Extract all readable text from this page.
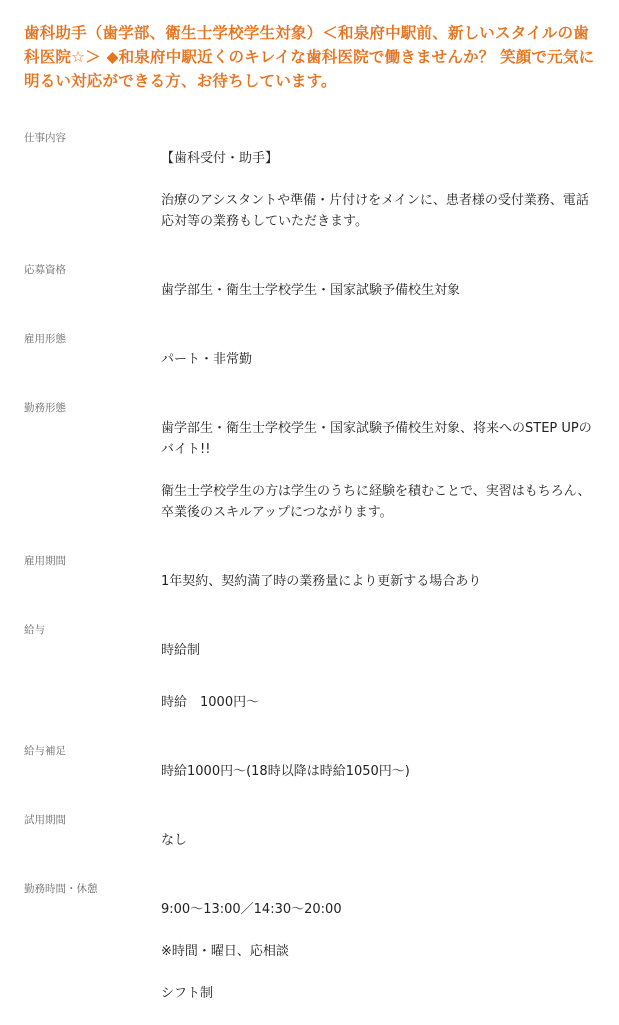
歯科助手（歯学部、衛生士学校学生対象）＜和泉府中駅前、新しいスタイルの歯科医院☆＞ ◆和泉府中駅近くのキレイな歯科医院で働きませんか？ 笑顔で元気に明るい対応ができる方、お待ちしています。
仕事内容

【歯科受付・助手】

治療のアシスタントや準備・片付けをメインに、患者様の受付業務、電話応対等の業務もしていただきます。

応募資格

歯学部生・衛生士学校学生・国家試験予備校生対象

雇用形態

パート・非常勤

勤務形態

歯学部生・衛生士学校学生・国家試験予備校生対象、将来へのSTEP UPのバイト!!

衛生士学校学生の方は学生のうちに経験を積むことで、実習はもちろん、卒業後のスキルアップにつながります。

雇用期間

1年契約、契約満了時の業務量により更新する場合あり

給与

時給制

時給　1000円〜

給与補足

時給1000円〜(18時以降は時給1050円〜)

試用期間

なし

勤務時間・休憩

9:00〜13:00／14:30〜20:00

※時間・曜日、応相談

シフト制
